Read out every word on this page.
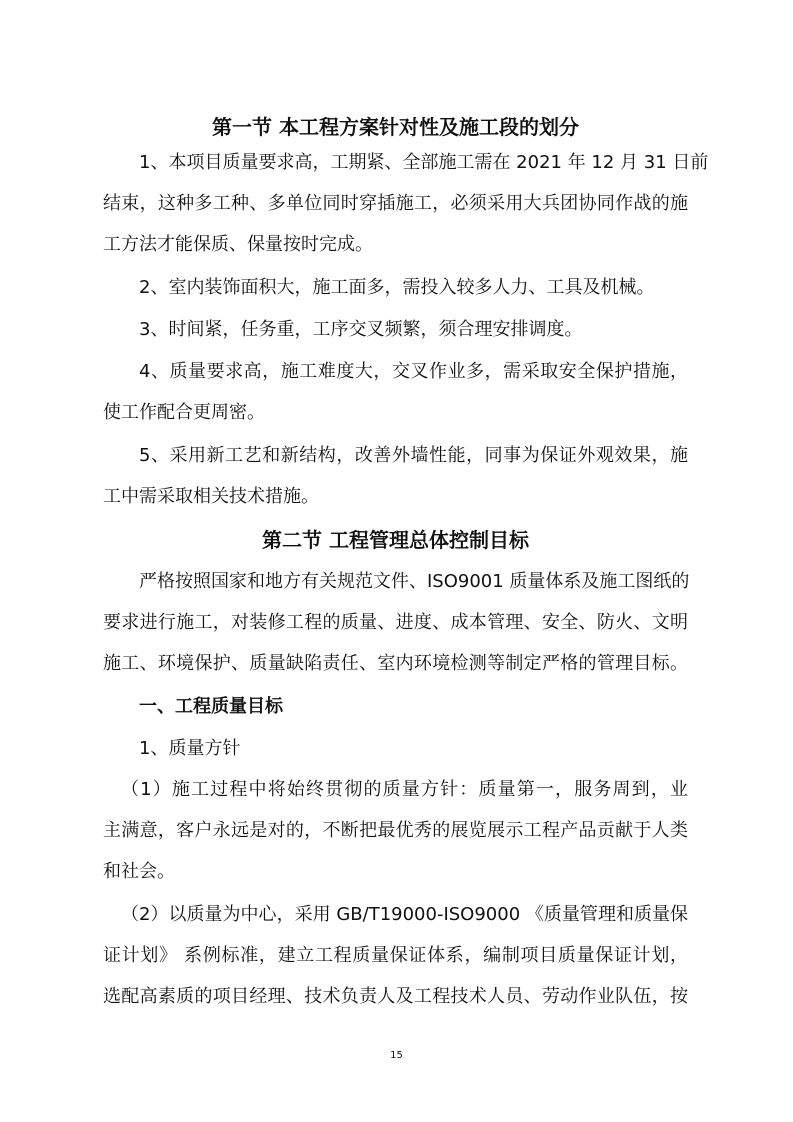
第一节 本工程方案针对性及施工段的划分
1、本项目质量要求高，工期紧、全部施工需在 2021 年 12 月 31 日前
结束，这种多工种、多单位同时穿插施工，必须采用大兵团协同作战的施
工方法才能保质、保量按时完成。
2、室内装饰面积大，施工面多，需投入较多人力、工具及机械。
3、时间紧，任务重，工序交叉频繁，须合理安排调度。
4、质量要求高，施工难度大，交叉作业多，需采取安全保护措施，
使工作配合更周密。
5、采用新工艺和新结构，改善外墙性能，同事为保证外观效果，施
工中需采取相关技术措施。
第二节 工程管理总体控制目标
严格按照国家和地方有关规范文件、ISO9001 质量体系及施工图纸的
要求进行施工，对装修工程的质量、进度、成本管理、安全、防火、文明
施工、环境保护、质量缺陷责任、室内环境检测等制定严格的管理目标。
一、工程质量目标
1、质量方针
（1）施工过程中将始终贯彻的质量方针：质量第一，服务周到，业
主满意，客户永远是对的，不断把最优秀的展览展示工程产品贡献于人类
和社会。
（2）以质量为中心，采用 GB/T19000-ISO9000 《质量管理和质量保
证计划》 系例标准，建立工程质量保证体系，编制项目质量保证计划，
选配高素质的项目经理、技术负责人及工程技术人员、劳动作业队伍，按
15
